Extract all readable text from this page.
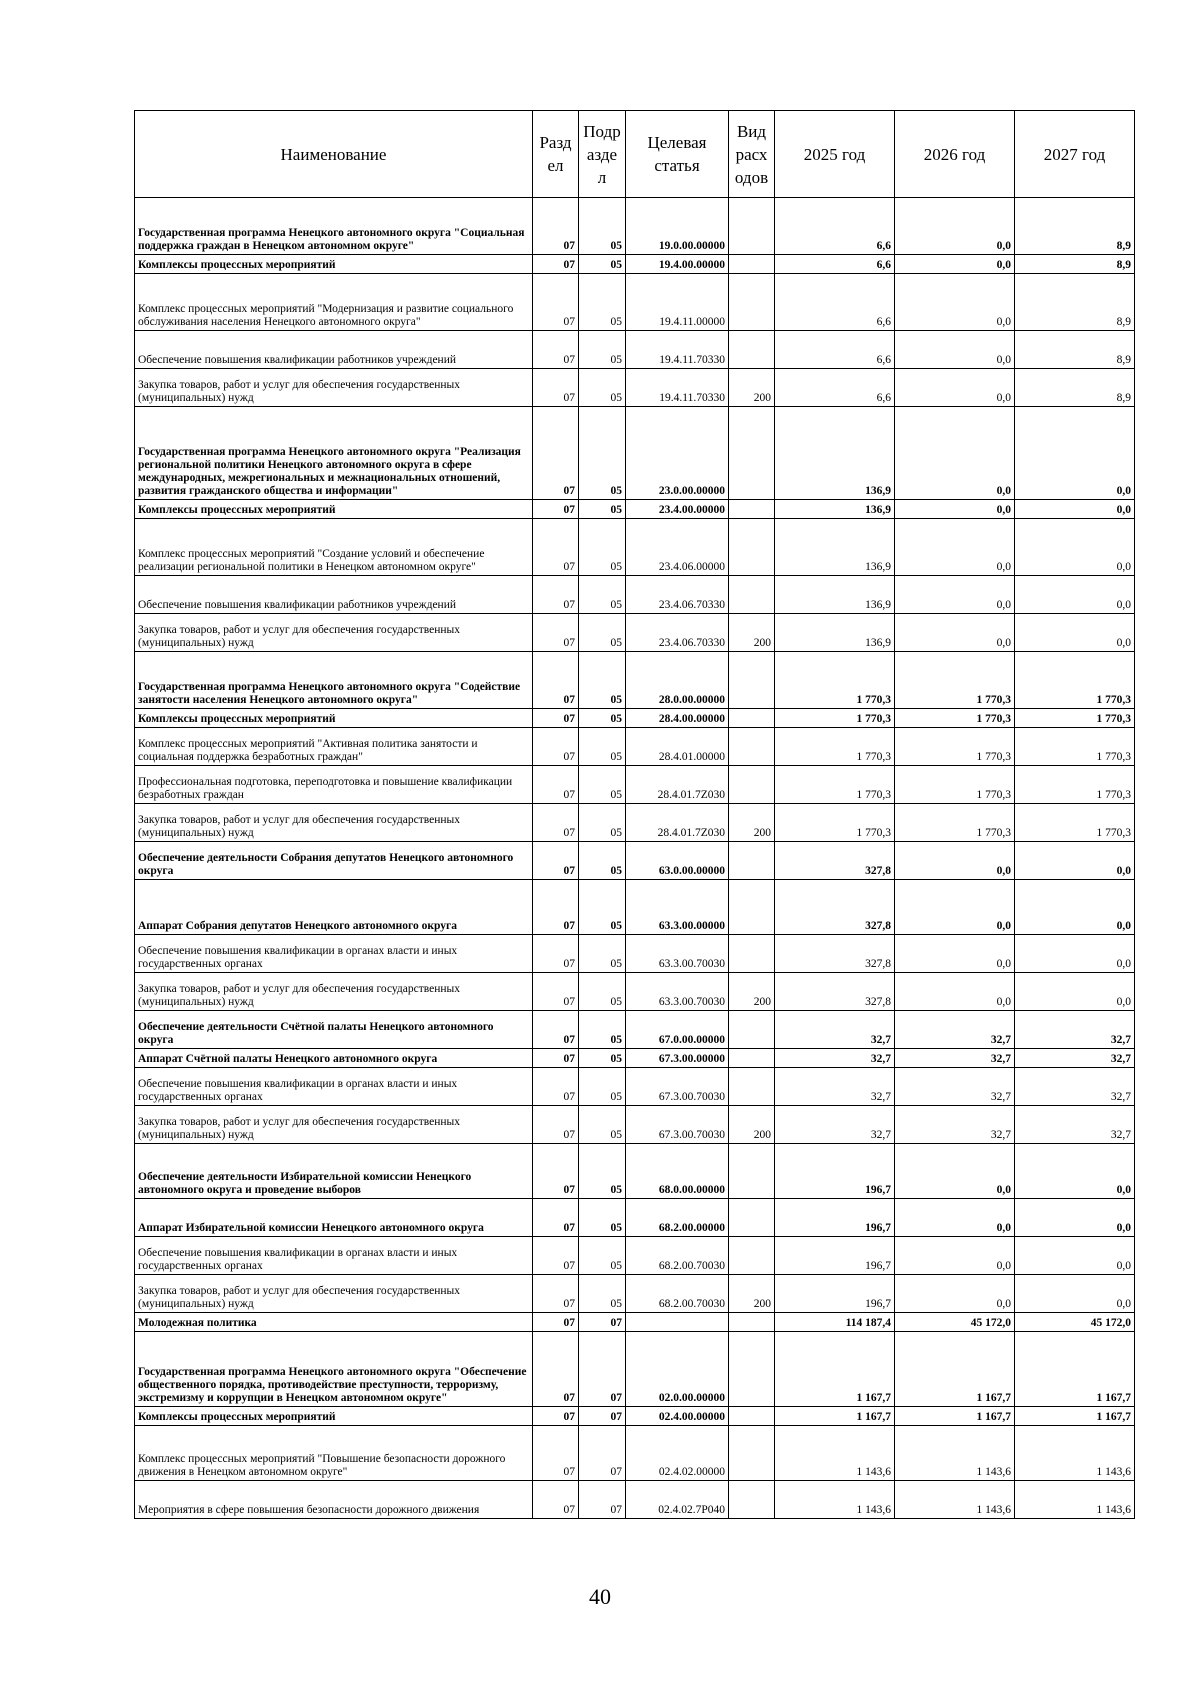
Наименование	Разд ел	Подр азде л	Целевая статья	Вид расх одов	2025 год	2026 год	2027 год
Государственная программа Ненецкого автономного округа "Социальная поддержка граждан в Ненецком автономном округе"	07	05	19.0.00.00000		6,6	0,0	8,9
Комплексы процессных мероприятий	07	05	19.4.00.00000		6,6	0,0	8,9
Комплекс процессных мероприятий "Модернизация и развитие социального обслуживания населения Ненецкого автономного округа"	07	05	19.4.11.00000		6,6	0,0	8,9
Обеспечение повышения квалификации работников учреждений	07	05	19.4.11.70330		6,6	0,0	8,9
Закупка товаров, работ и услуг для обеспечения государственных (муниципальных) нужд	07	05	19.4.11.70330	200	6,6	0,0	8,9
Государственная программа Ненецкого автономного округа "Реализация региональной политики Ненецкого автономного округа в сфере международных, межрегиональных и межнациональных отношений, развития гражданского общества и информации"	07	05	23.0.00.00000		136,9	0,0	0,0
Комплексы процессных мероприятий	07	05	23.4.00.00000		136,9	0,0	0,0
Комплекс процессных мероприятий "Создание условий и обеспечение реализации региональной политики в Ненецком автономном округе"	07	05	23.4.06.00000		136,9	0,0	0,0
Обеспечение повышения квалификации работников учреждений	07	05	23.4.06.70330		136,9	0,0	0,0
Закупка товаров, работ и услуг для обеспечения государственных (муниципальных) нужд	07	05	23.4.06.70330	200	136,9	0,0	0,0
Государственная программа Ненецкого автономного округа "Содействие занятости населения Ненецкого автономного округа"	07	05	28.0.00.00000		1 770,3	1 770,3	1 770,3
Комплексы процессных мероприятий	07	05	28.4.00.00000		1 770,3	1 770,3	1 770,3
Комплекс процессных мероприятий "Активная политика занятости и социальная поддержка безработных граждан"	07	05	28.4.01.00000		1 770,3	1 770,3	1 770,3
Профессиональная подготовка, переподготовка и повышение квалификации безработных граждан	07	05	28.4.01.7Z030		1 770,3	1 770,3	1 770,3
Закупка товаров, работ и услуг для обеспечения государственных (муниципальных) нужд	07	05	28.4.01.7Z030	200	1 770,3	1 770,3	1 770,3
Обеспечение деятельности Собрания депутатов Ненецкого автономного округа	07	05	63.0.00.00000		327,8	0,0	0,0
Аппарат Собрания депутатов Ненецкого автономного округа	07	05	63.3.00.00000		327,8	0,0	0,0
Обеспечение повышения квалификации в органах власти и иных государственных органах	07	05	63.3.00.70030		327,8	0,0	0,0
Закупка товаров, работ и услуг для обеспечения государственных (муниципальных) нужд	07	05	63.3.00.70030	200	327,8	0,0	0,0
Обеспечение деятельности Счётной палаты Ненецкого автономного округа	07	05	67.0.00.00000		32,7	32,7	32,7
Аппарат Счётной палаты Ненецкого автономного округа	07	05	67.3.00.00000		32,7	32,7	32,7
Обеспечение повышения квалификации в органах власти и иных государственных органах	07	05	67.3.00.70030		32,7	32,7	32,7
Закупка товаров, работ и услуг для обеспечения государственных (муниципальных) нужд	07	05	67.3.00.70030	200	32,7	32,7	32,7
Обеспечение деятельности Избирательной комиссии Ненецкого автономного округа и проведение выборов	07	05	68.0.00.00000		196,7	0,0	0,0
Аппарат Избирательной комиссии Ненецкого автономного округа	07	05	68.2.00.00000		196,7	0,0	0,0
Обеспечение повышения квалификации в органах власти и иных государственных органах	07	05	68.2.00.70030		196,7	0,0	0,0
Закупка товаров, работ и услуг для обеспечения государственных (муниципальных) нужд	07	05	68.2.00.70030	200	196,7	0,0	0,0
Молодежная политика	07	07			114 187,4	45 172,0	45 172,0
Государственная программа Ненецкого автономного округа "Обеспечение общественного порядка, противодействие преступности, терроризму, экстремизму и коррупции в Ненецком автономном округе"	07	07	02.0.00.00000		1 167,7	1 167,7	1 167,7
Комплексы процессных мероприятий	07	07	02.4.00.00000		1 167,7	1 167,7	1 167,7
Комплекс процессных мероприятий "Повышение безопасности дорожного движения в Ненецком автономном округе"	07	07	02.4.02.00000		1 143,6	1 143,6	1 143,6
Мероприятия в сфере повышения безопасности дорожного движения	07	07	02.4.02.7Р040		1 143,6	1 143,6	1 143,6
40
